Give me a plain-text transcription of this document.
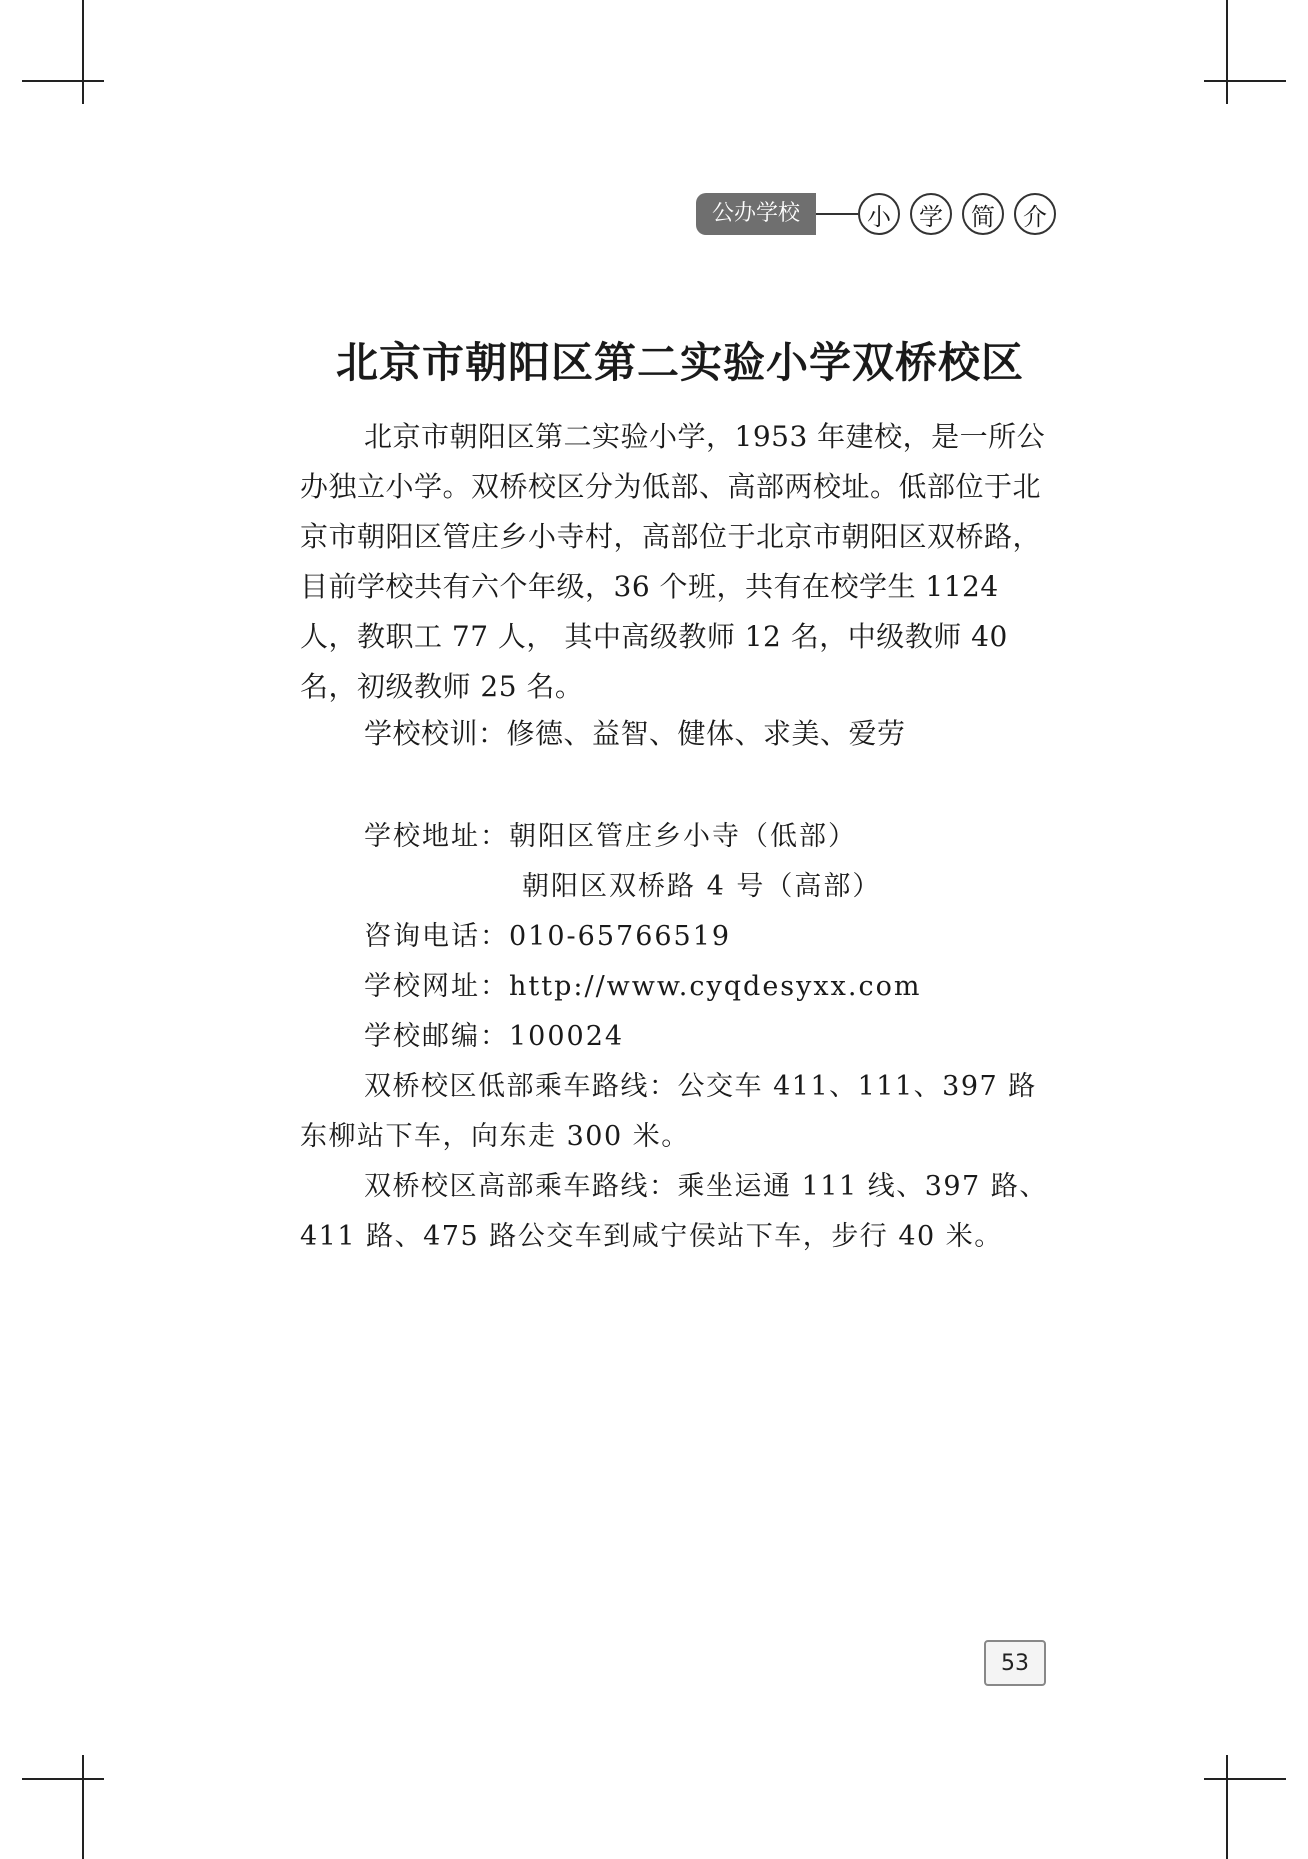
公办学校	小	学	简	介
北京市朝阳区第二实验小学双桥校区

北京市朝阳区第二实验小学，1953 年建校，是一所公办独立小学。双桥校区分为低部、高部两校址。低部位于北京市朝阳区管庄乡小寺村，高部位于北京市朝阳区双桥路，目前学校共有六个年级，36 个班，共有在校学生 1124 人，教职工 77 人， 其中高级教师 12 名，中级教师 40 名，初级教师 25 名。

学校校训：修德、益智、健体、求美、爱劳

学校地址：朝阳区管庄乡小寺（低部）

朝阳区双桥路 4 号（高部）

咨询电话：010-65766519

学校网址：http://www.cyqdesyxx.com

学校邮编：100024

双桥校区低部乘车路线：公交车 411、111、397 路东柳站下车，向东走 300 米。

双桥校区高部乘车路线：乘坐运通 111 线、397 路、411 路、475 路公交车到咸宁侯站下车，步行 40 米。

53
